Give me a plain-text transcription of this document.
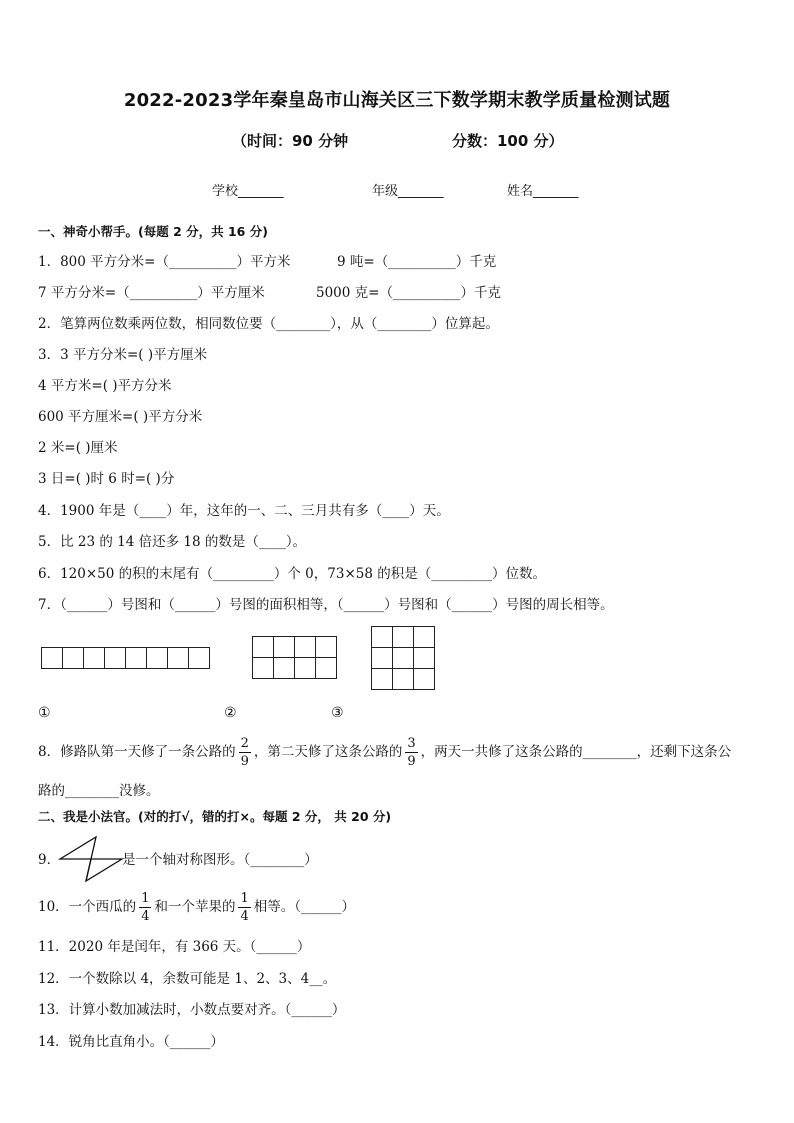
2022-2023学年秦皇岛市山海关区三下数学期末教学质量检测试题
（时间：90 分钟	分数：100 分）
学校_______	年级_______	姓名_______
一、神奇小帮手。(每题 2 分，共 16 分)
1．800 平方分米=（__________）平方米	9 吨=（__________）千克
7 平方分米=（__________）平方厘米	5000 克=（__________）千克
2．笔算两位数乘两位数，相同数位要（________），从（________）位算起。
3．3 平方分米=( )平方厘米
4 平方米=( )平方分米
600 平方厘米=( )平方分米
2 米=( )厘米
3 日=( )时 6 时=( )分
4．1900 年是（____）年，这年的一、二、三月共有多（____）天。
5．比 23 的 14 倍还多 18 的数是（____）。
6．120×50 的积的末尾有（_________）个 0，73×58 的积是（_________）位数。
7．（______）号图和（______）号图的面积相等，（______）号图和（______）号图的周长相等。

①	②	③
8．修路队第一天修了一条公路的 $\frac{2}{9}$ ，第二天修了这条公路的 $\frac{3}{9}$ ，两天一共修了这条公路的________，还剩下这条公
路的________没修。
二、我是小法官。(对的打√，错的打×。每题 2 分， 共 20 分)
9．	是一个轴对称图形。（________）
10．一个西瓜的 $\frac{1}{4}$ 和一个苹果的 $\frac{1}{4}$ 相等。（______）
11．2020 年是闰年，有 366 天。（______）
12．一个数除以 4，余数可能是 1、2、3、4__。
13．计算小数加减法时，小数点要对齐。（______）
14．锐角比直角小。（______）
